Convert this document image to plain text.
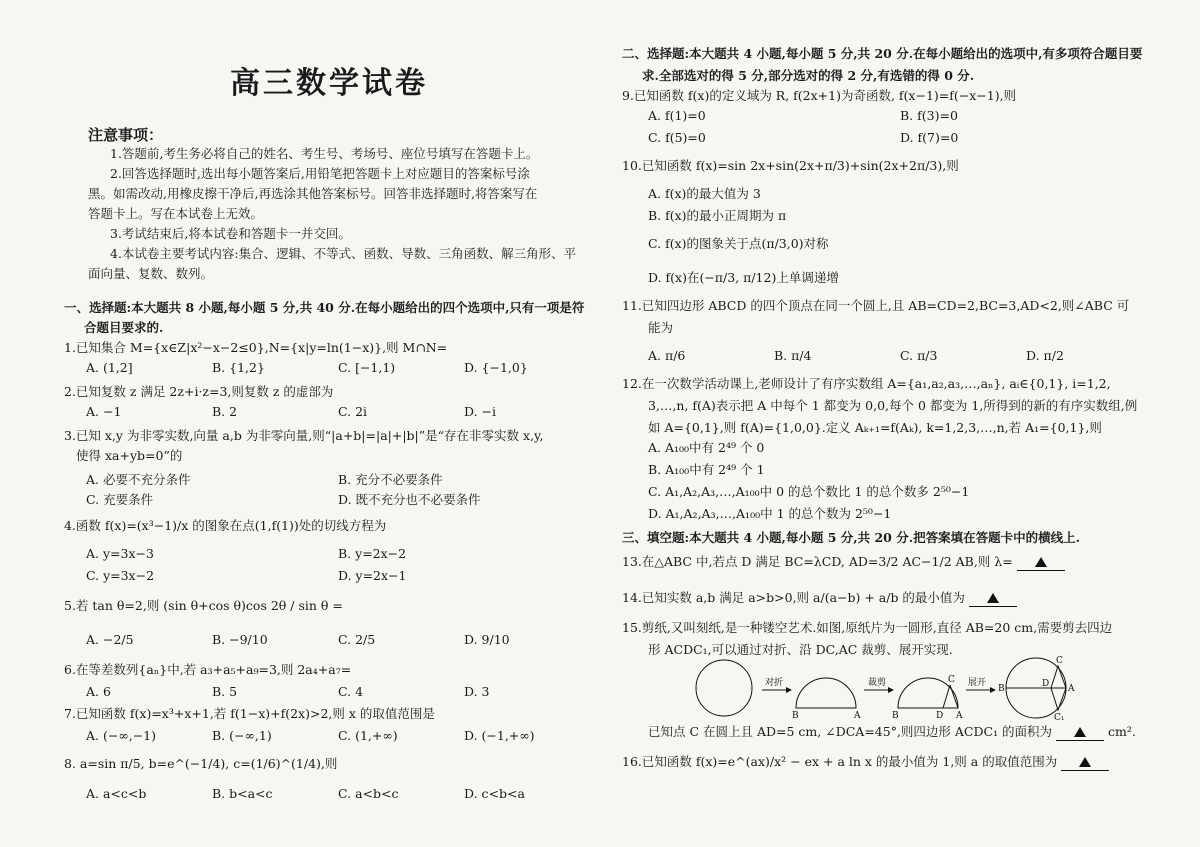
高三数学试卷
注意事项：
1.答题前,考生务必将自己的姓名、考生号、考场号、座位号填写在答题卡上。
2.回答选择题时,选出每小题答案后,用铅笔把答题卡上对应题目的答案标号涂
黑。如需改动,用橡皮擦干净后,再选涂其他答案标号。回答非选择题时,将答案写在
答题卡上。写在本试卷上无效。
3.考试结束后,将本试卷和答题卡一并交回。
4.本试卷主要考试内容:集合、逻辑、不等式、函数、导数、三角函数、解三角形、平
面向量、复数、数列。
一、选择题:本大题共 8 小题,每小题 5 分,共 40 分.在每小题给出的四个选项中,只有一项是符
合题目要求的.
1.已知集合 M={x∈Z|x²−x−2≤0},N={x|y=ln(1−x)},则 M∩N=
A. (1,2]	B. {1,2}	C. [−1,1)	D. {−1,0}
2.已知复数 z 满足 2z+i·z=3,则复数 z 的虚部为
A. −1	B. 2	C. 2i	D. −i
3.已知 x,y 为非零实数,向量 a,b 为非零向量,则“|a+b|=|a|+|b|”是“存在非零实数 x,y,
使得 xa+yb=0”的
A. 必要不充分条件	B. 充分不必要条件
C. 充要条件	D. 既不充分也不必要条件
4.函数 f(x)=(x³−1)/x 的图象在点(1,f(1))处的切线方程为
A. y=3x−3	B. y=2x−2
C. y=3x−2	D. y=2x−1
5.若 tan θ=2,则 (sin θ+cos θ)cos 2θ / sin θ =
A. −2/5	B. −9/10	C. 2/5	D. 9/10
6.在等差数列{aₙ}中,若 a₃+a₅+a₉=3,则 2a₄+a₇=
A. 6	B. 5	C. 4	D. 3
7.已知函数 f(x)=x³+x+1,若 f(1−x)+f(2x)>2,则 x 的取值范围是
A. (−∞,−1)	B. (−∞,1)	C. (1,+∞)	D. (−1,+∞)
8. a=sin π/5, b=e^(−1/4), c=(1/6)^(1/4),则
A. a<c<b	B. b<a<c	C. a<b<c	D. c<b<a
二、选择题:本大题共 4 小题,每小题 5 分,共 20 分.在每小题给出的选项中,有多项符合题目要
求.全部选对的得 5 分,部分选对的得 2 分,有选错的得 0 分.
9.已知函数 f(x)的定义域为 R, f(2x+1)为奇函数, f(x−1)=f(−x−1),则
A. f(1)=0	B. f(3)=0
C. f(5)=0	D. f(7)=0
10.已知函数 f(x)=sin 2x+sin(2x+π/3)+sin(2x+2π/3),则
A. f(x)的最大值为 3
B. f(x)的最小正周期为 π
C. f(x)的图象关于点(π/3,0)对称
D. f(x)在(−π/3, π/12)上单调递增
11.已知四边形 ABCD 的四个顶点在同一个圆上,且 AB=CD=2,BC=3,AD<2,则∠ABC 可
能为
A. π/6	B. π/4	C. π/3	D. π/2
12.在一次数学活动课上,老师设计了有序实数组 A={a₁,a₂,a₃,…,aₙ}, aᵢ∈{0,1}, i=1,2,
3,…,n, f(A)表示把 A 中每个 1 都变为 0,0,每个 0 都变为 1,所得到的新的有序实数组,例
如 A={0,1},则 f(A)={1,0,0}.定义 Aₖ₊₁=f(Aₖ), k=1,2,3,…,n,若 A₁={0,1},则
A. A₁₀₀中有 2⁴⁹ 个 0
B. A₁₀₀中有 2⁴⁹ 个 1
C. A₁,A₂,A₃,…,A₁₀₀中 0 的总个数比 1 的总个数多 2⁵⁰−1
D. A₁,A₂,A₃,…,A₁₀₀中 1 的总个数为 2⁵⁰−1
三、填空题:本大题共 4 小题,每小题 5 分,共 20 分.把答案填在答题卡中的横线上.
13.在△ABC 中,若点 D 满足 BC=λCD, AD=3/2 AC−1/2 AB,则 λ=
14.已知实数 a,b 满足 a>b>0,则 a/(a−b) + a/b 的最小值为
15.剪纸,又叫刻纸,是一种镂空艺术.如图,原纸片为一圆形,直径 AB=20 cm,需要剪去四边
形 ACDC₁,可以通过对折、沿 DC,AC 裁剪、展开实现.
对折
B	A
裁剪
B	D
C
A
展开
B	D
C
A
C₁
已知点 C 在圆上且 AD=5 cm, ∠DCA=45°,则四边形 ACDC₁ 的面积为	cm².
16.已知函数 f(x)=e^(ax)/x² − ex + a ln x 的最小值为 1,则 a 的取值范围为
